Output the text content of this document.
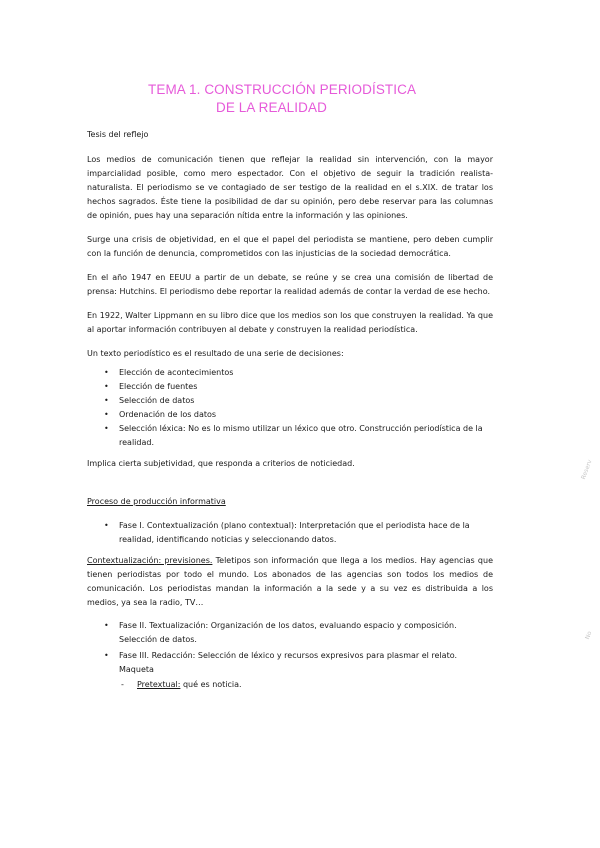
TEMA 1. CONSTRUCCIÓN PERIODÍSTICA
DE LA REALIDAD
Tesis del reflejo

Los medios de comunicación tienen que reflejar la realidad sin intervención, con la mayor imparcialidad posible, como mero espectador. Con el objetivo de seguir la tradición realista-naturalista. El periodismo se ve contagiado de ser testigo de la realidad en el s.XIX. de tratar los hechos sagrados. Éste tiene la posibilidad de dar su opinión, pero debe reservar para las columnas de opinión, pues hay una separación nítida entre la información y las opiniones.

Surge una crisis de objetividad, en el que el papel del periodista se mantiene, pero deben cumplir con la función de denuncia, comprometidos con las injusticias de la sociedad democrática.

En el año 1947 en EEUU a partir de un debate, se reúne y se crea una comisión de libertad de prensa: Hutchins. El periodismo debe reportar la realidad además de contar la verdad de ese hecho.

En 1922, Walter Lippmann en su libro dice que los medios son los que construyen la realidad. Ya que al aportar información contribuyen al debate y construyen la realidad periodística.

Un texto periodístico es el resultado de una serie de decisiones:

• Elección de acontecimientos
• Elección de fuentes
• Selección de datos
• Ordenación de los datos
• Selección léxica: No es lo mismo utilizar un léxico que otro. Construcción periodística de la realidad.

Implica cierta subjetividad, que responda a criterios de noticiedad.

Proceso de producción informativa
• Fase I. Contextualización (plano contextual): Interpretación que el periodista hace de la realidad, identificando noticias y seleccionando datos.

Contextualización: previsiones. Teletipos son información que llega a los medios. Hay agencias que tienen periodistas por todo el mundo. Los abonados de las agencias son todos los medios de comunicación. Los periodistas mandan la información a la sede y a su vez es distribuida a los medios, ya sea la radio, TV…

• Fase II. Textualización: Organización de los datos, evaluando espacio y composición. Selección de datos.
• Fase III. Redacción: Selección de léxico y recursos expresivos para plasmar el relato. Maqueta
- Pretextual: qué es noticia.
Reserv
No
